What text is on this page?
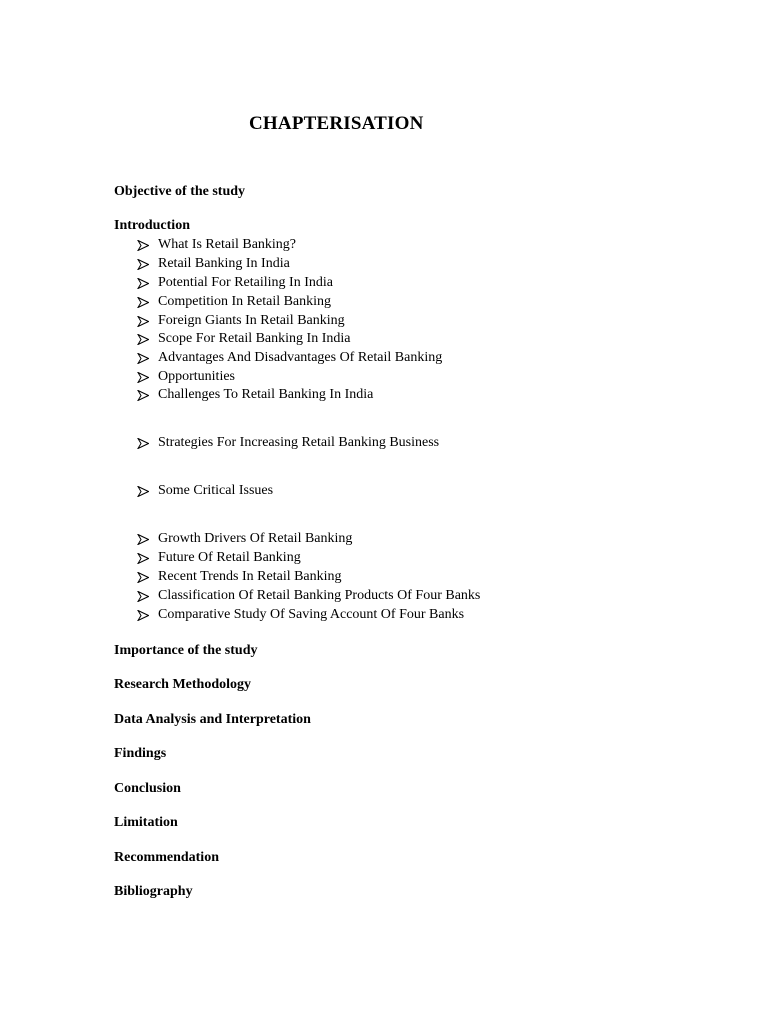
CHAPTERISATION

Objective of the study

Introduction

What Is Retail Banking?
Retail Banking In India
Potential For Retailing In India
Competition In Retail Banking
Foreign Giants In Retail Banking
Scope For Retail Banking In India
Advantages And Disadvantages Of Retail Banking
Opportunities
Challenges To Retail Banking In India
Strategies For Increasing Retail Banking Business
Some Critical Issues
Growth Drivers Of Retail Banking
Future Of Retail Banking
Recent Trends In Retail Banking
Classification Of Retail Banking Products Of Four Banks
Comparative Study Of Saving Account Of Four Banks

Importance of the study

Research Methodology

Data Analysis and Interpretation

Findings

Conclusion

Limitation

Recommendation

Bibliography
